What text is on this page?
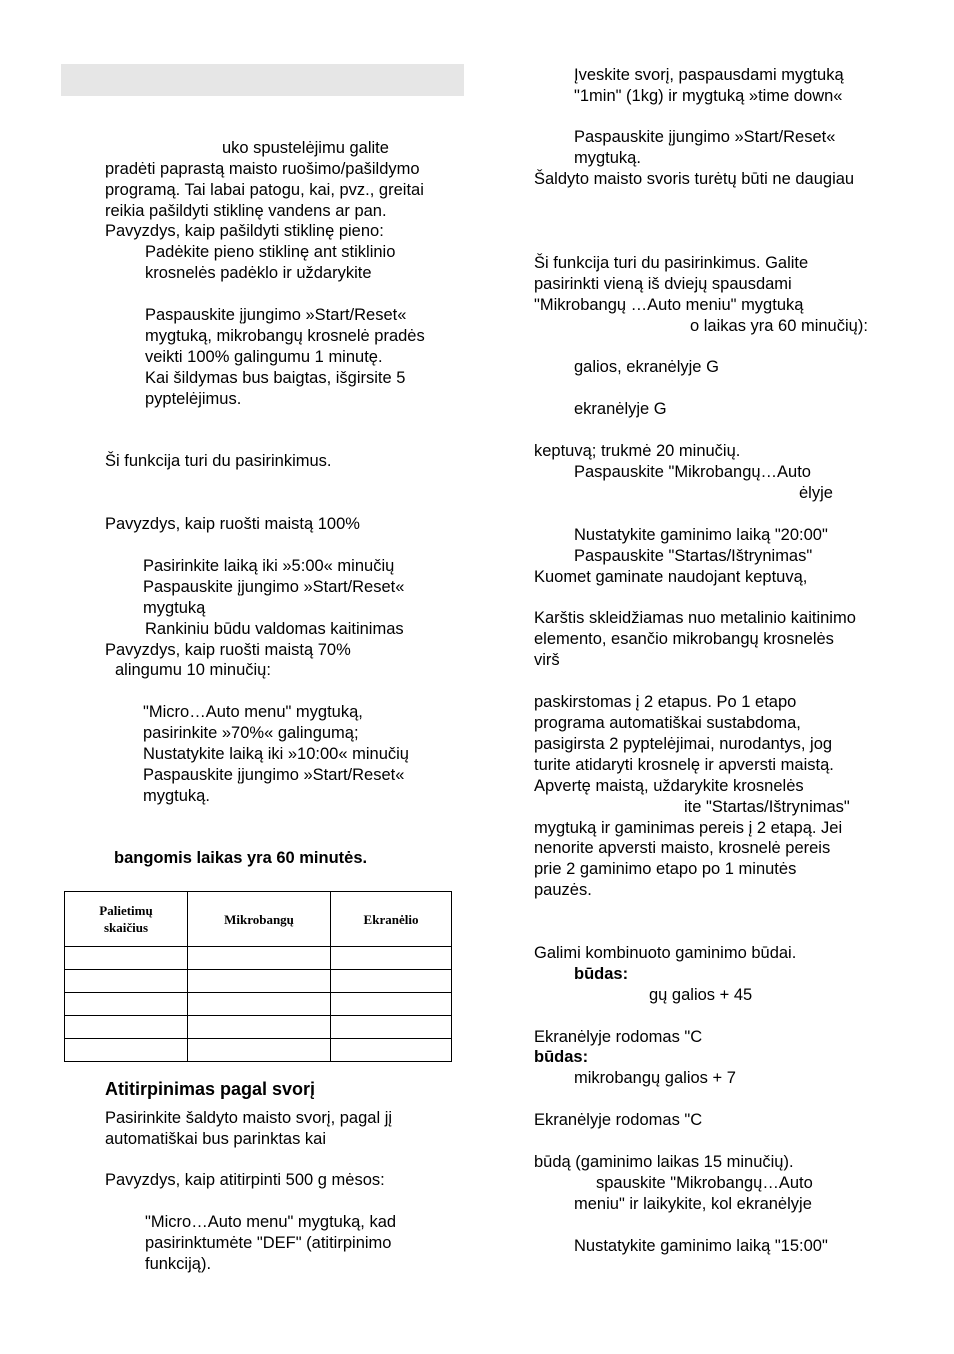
uko spustelėjimu galite
pradėti paprastą maisto ruošimo/pašildymo
programą. Tai labai patogu, kai, pvz., greitai
reikia pašildyti stiklinę vandens ar pan.
Pavyzdys, kaip pašildyti stiklinę pieno:
Padėkite pieno stiklinę ant stiklinio
krosnelės padėklo ir uždarykite
Paspauskite įjungimo »Start/Reset«
mygtuką, mikrobangų krosnelė pradės
veikti 100% galingumu 1 minutę.
Kai šildymas bus baigtas, išgirsite 5
pyptelėjimus.
Ši funkcija turi du pasirinkimus.
Pavyzdys, kaip ruošti maistą 100%
Pasirinkite laiką iki »5:00« minučių
Paspauskite įjungimo »Start/Reset«
mygtuką
Rankiniu būdu valdomas kaitinimas
Pavyzdys, kaip ruošti maistą 70%
alingumu 10 minučių:
"Micro…Auto menu" mygtuką,
pasirinkite »70%« galingumą;
Nustatykite laiką iki »10:00« minučių
Paspauskite įjungimo »Start/Reset«
mygtuką.
bangomis laikas yra 60 minutės.
Palietimų
skaičius	Mikrobangų	Ekranėlio

Atitirpinimas pagal svorį
Pasirinkite šaldyto maisto svorį, pagal jį
automatiškai bus parinktas kai
Pavyzdys, kaip atitirpinti 500 g mėsos:
"Micro…Auto menu" mygtuką, kad
pasirinktumėte "DEF" (atitirpinimo
funkciją).
Įveskite svorį, paspausdami mygtuką
"1min" (1kg) ir mygtuką »time down«
Paspauskite įjungimo »Start/Reset«
mygtuką.
Šaldyto maisto svoris turėtų būti ne daugiau
Ši funkcija turi du pasirinkimus. Galite
pasirinkti vieną iš dviejų spausdami
"Mikrobangų …Auto meniu" mygtuką
o laikas yra 60 minučių):
galios, ekranėlyje G
ekranėlyje G
keptuvą; trukmė 20 minučių.
Paspauskite "Mikrobangų…Auto
ėlyje
Nustatykite gaminimo laiką "20:00"
Paspauskite "Startas/Ištrynimas"
Kuomet gaminate naudojant keptuvą,
Karštis skleidžiamas nuo metalinio kaitinimo
elemento, esančio mikrobangų krosnelės
virš
paskirstomas į 2 etapus. Po 1 etapo
programa automatiškai sustabdoma,
pasigirsta 2 pyptelėjimai, nurodantys, jog
turite atidaryti krosnelę ir apversti maistą.
Apvertę maistą, uždarykite krosnelės
ite "Startas/Ištrynimas"
mygtuką ir gaminimas pereis į 2 etapą. Jei
nenorite apversti maisto, krosnelė pereis
prie 2 gaminimo etapo po 1 minutės
pauzės.
Galimi kombinuoto gaminimo būdai.
būdas:
gų galios + 45
Ekranėlyje rodomas "C
būdas:
mikrobangų galios + 7
Ekranėlyje rodomas "C
būdą (gaminimo laikas 15 minučių).
spauskite "Mikrobangų…Auto
meniu" ir laikykite, kol ekranėlyje
Nustatykite gaminimo laiką "15:00"
